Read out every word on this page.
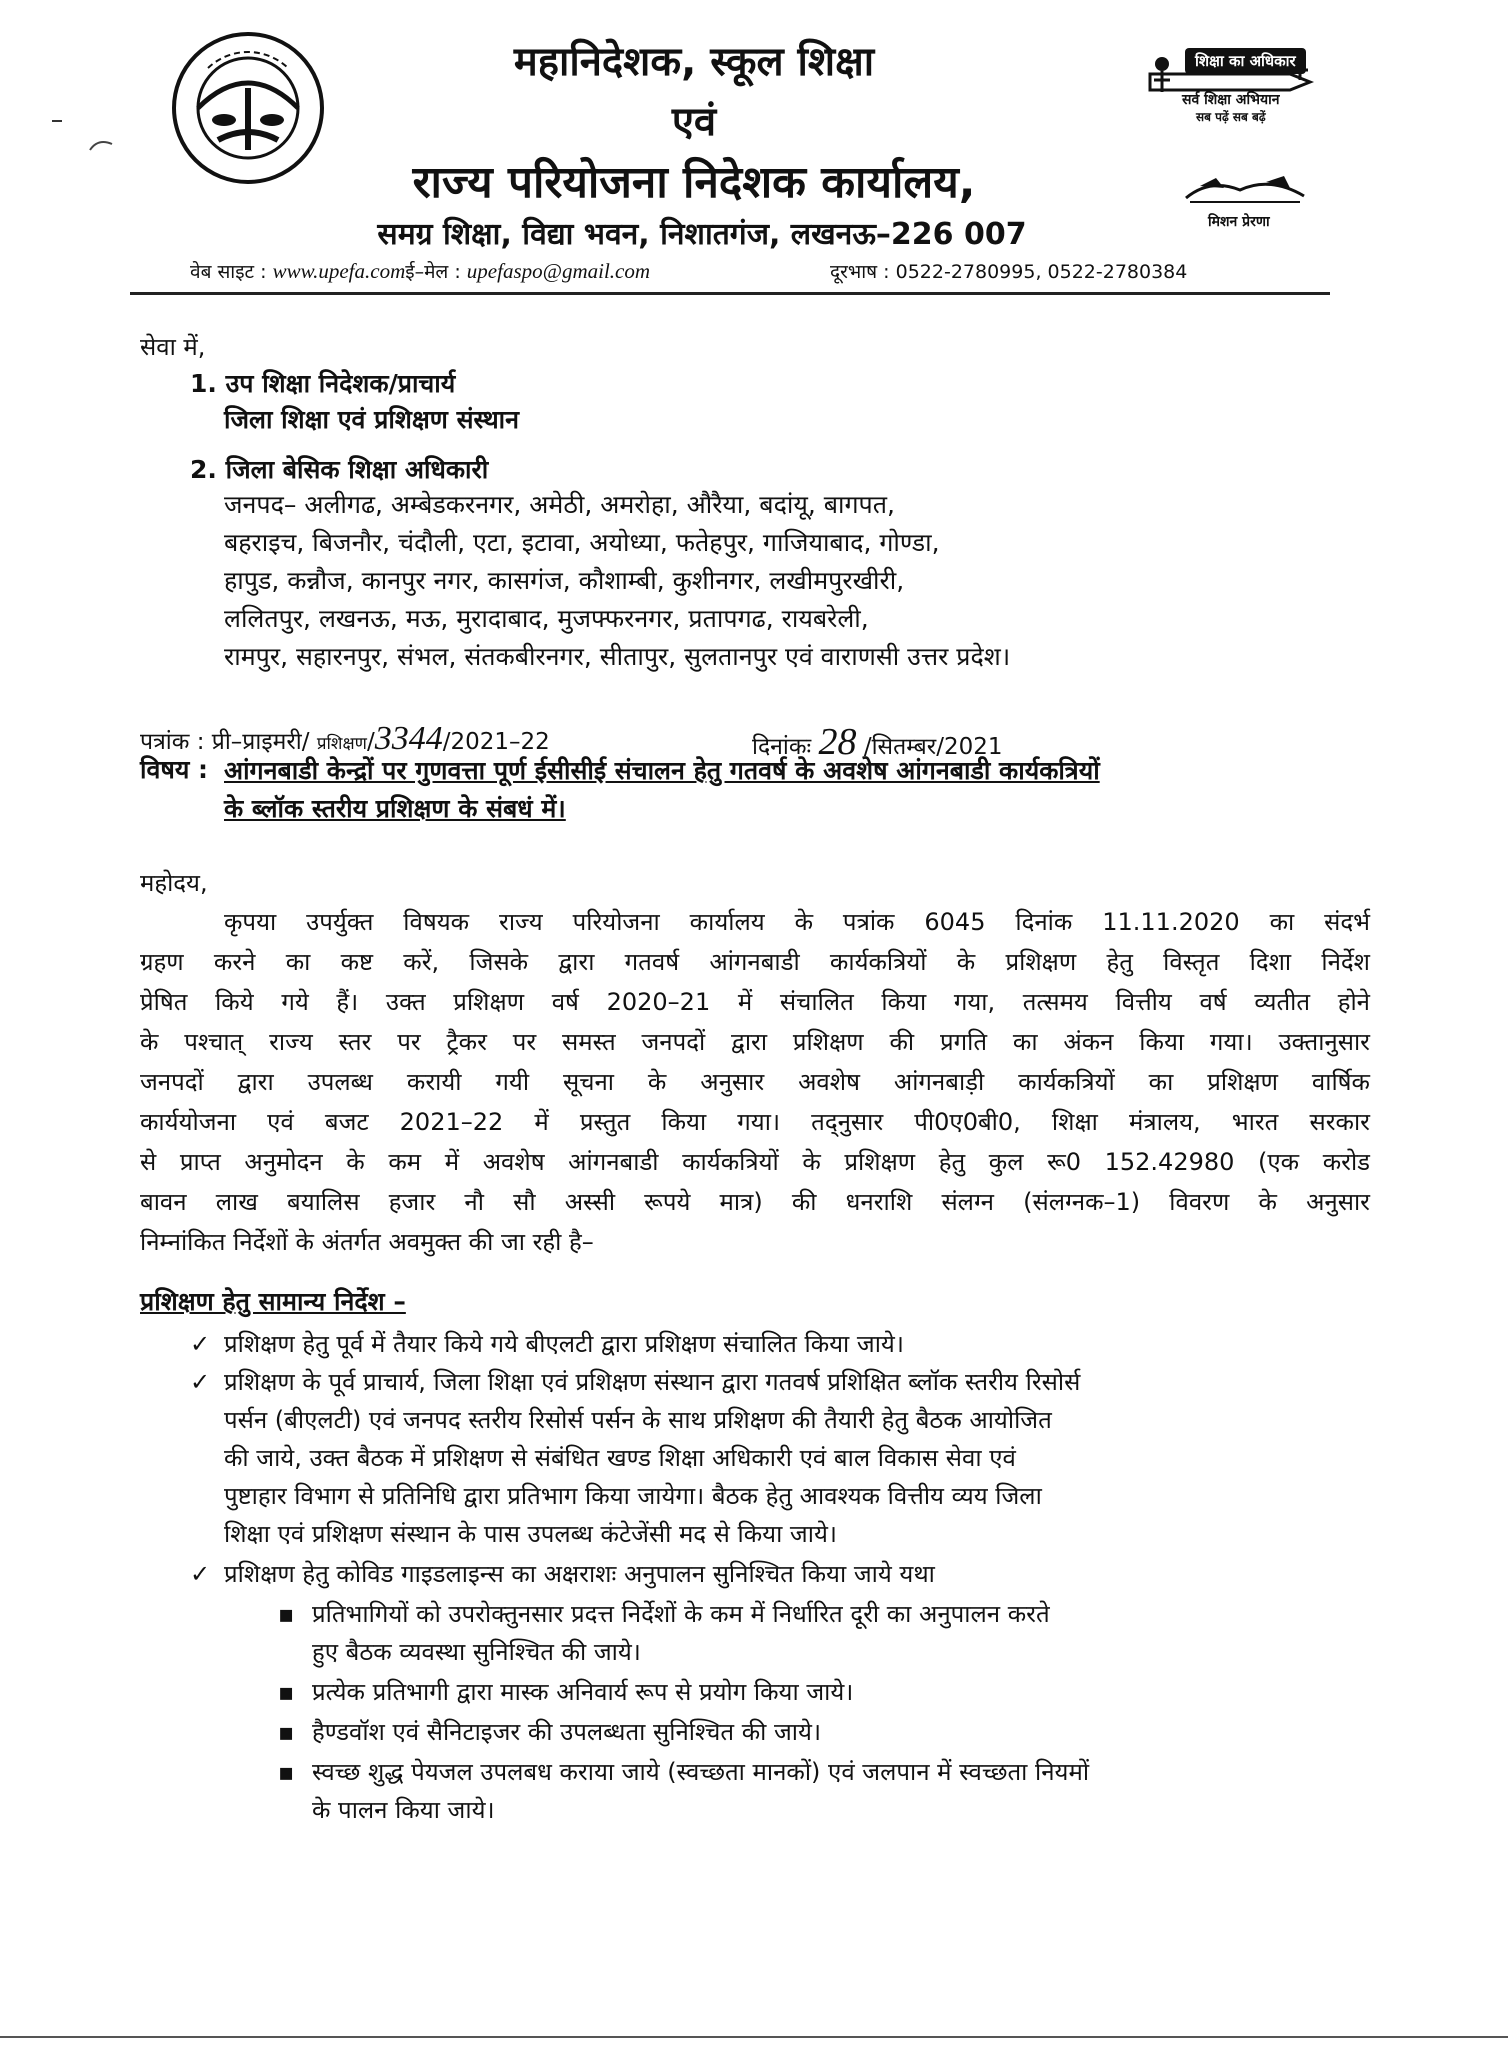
महानिदेशक, स्कूल शिक्षा
एवं
राज्य परियोजना निदेशक कार्यालय,
समग्र शिक्षा, विद्या भवन, निशातगंज, लखनऊ–226 007
वेब साइट : www.upefa.comई–मेल : upefaspo@gmail.com	दूरभाष : 0522-2780995, 0522-2780384
शिक्षा का अधिकार
सर्व शिक्षा अभियान
सब पढ़ें सब बढ़ें
मिशन प्रेरणा
सेवा में,
1. उप शिक्षा निदेशक/प्राचार्य
जिला शिक्षा एवं प्रशिक्षण संस्थान
2. जिला बेसिक शिक्षा अधिकारी
जनपद– अलीगढ, अम्बेडकरनगर, अमेठी, अमरोहा, औरैया, बदांयू, बागपत,
बहराइच, बिजनौर, चंदौली, एटा, इटावा, अयोध्या, फतेहपुर, गाजियाबाद, गोण्डा,
हापुड, कन्नौज, कानपुर नगर, कासगंज, कौशाम्बी, कुशीनगर, लखीमपुरखीरी,
ललितपुर, लखनऊ, मऊ, मुरादाबाद, मुजफ्फरनगर, प्रतापगढ, रायबरेली,
रामपुर, सहारनपुर, संभल, संतकबीरनगर, सीतापुर, सुलतानपुर एवं वाराणसी उत्तर प्रदेश।
पत्रांक : प्री–प्राइमरी/ प्रशिक्षण/3344/2021–22	दिनांकः 28 /सितम्बर/2021
विषय : आंगनबाडी केन्द्रों पर गुणवत्ता पूर्ण ईसीसीई संचालन हेतु गतवर्ष के अवशेष आंगनबाडी कार्यकत्रियों
के ब्लॉक स्तरीय प्रशिक्षण के संबधं में।
महोदय,
कृपया उपर्युक्त विषयक राज्य परियोजना कार्यालय के पत्रांक 6045 दिनांक 11.11.2020 का संदर्भ
ग्रहण करने का कष्ट करें, जिसके द्वारा गतवर्ष आंगनबाडी कार्यकत्रियों के प्रशिक्षण हेतु विस्तृत दिशा निर्देश
प्रेषित किये गये हैं। उक्त प्रशिक्षण वर्ष 2020–21 में संचालित किया गया, तत्समय वित्तीय वर्ष व्यतीत होने
के पश्चात् राज्य स्तर पर ट्रैकर पर समस्त जनपदों द्वारा प्रशिक्षण की प्रगति का अंकन किया गया। उक्तानुसार
जनपदों द्वारा उपलब्ध करायी गयी सूचना के अनुसार अवशेष आंगनबाड़ी कार्यकत्रियों का प्रशिक्षण वार्षिक
कार्ययोजना एवं बजट 2021–22 में प्रस्तुत किया गया। तद्नुसार पी0ए0बी0, शिक्षा मंत्रालय, भारत सरकार
से प्राप्त अनुमोदन के कम में अवशेष आंगनबाडी कार्यकत्रियों के प्रशिक्षण हेतु कुल रू0 152.42980 (एक करोड
बावन लाख बयालिस हजार नौ सौ अस्सी रूपये मात्र) की धनराशि संलग्न (संलग्नक–1) विवरण के अनुसार
निम्नांकित निर्देशों के अंतर्गत अवमुक्त की जा रही है–
प्रशिक्षण हेतु सामान्य निर्देश –
✓ प्रशिक्षण हेतु पूर्व में तैयार किये गये बीएलटी द्वारा प्रशिक्षण संचालित किया जाये।
✓ प्रशिक्षण के पूर्व प्राचार्य, जिला शिक्षा एवं प्रशिक्षण संस्थान द्वारा गतवर्ष प्रशिक्षित ब्लॉक स्तरीय रिसोर्स
पर्सन (बीएलटी) एवं जनपद स्तरीय रिसोर्स पर्सन के साथ प्रशिक्षण की तैयारी हेतु बैठक आयोजित
की जाये, उक्त बैठक में प्रशिक्षण से संबंधित खण्ड शिक्षा अधिकारी एवं बाल विकास सेवा एवं
पुष्टाहार विभाग से प्रतिनिधि द्वारा प्रतिभाग किया जायेगा। बैठक हेतु आवश्यक वित्तीय व्यय जिला
शिक्षा एवं प्रशिक्षण संस्थान के पास उपलब्ध कंटेजेंसी मद से किया जाये।
✓ प्रशिक्षण हेतु कोविड गाइडलाइन्स का अक्षराशः अनुपालन सुनिश्चित किया जाये यथा
▪ प्रतिभागियों को उपरोक्तुनसार प्रदत्त निर्देशों के कम में निर्धारित दूरी का अनुपालन करते
हुए बैठक व्यवस्था सुनिश्चित की जाये।
▪ प्रत्येक प्रतिभागी द्वारा मास्क अनिवार्य रूप से प्रयोग किया जाये।
▪ हैण्डवॉश एवं सैनिटाइजर की उपलब्धता सुनिश्चित की जाये।
▪ स्वच्छ शुद्ध पेयजल उपलबध कराया जाये (स्वच्छता मानकों) एवं जलपान में स्वच्छता नियमों
के पालन किया जाये।
